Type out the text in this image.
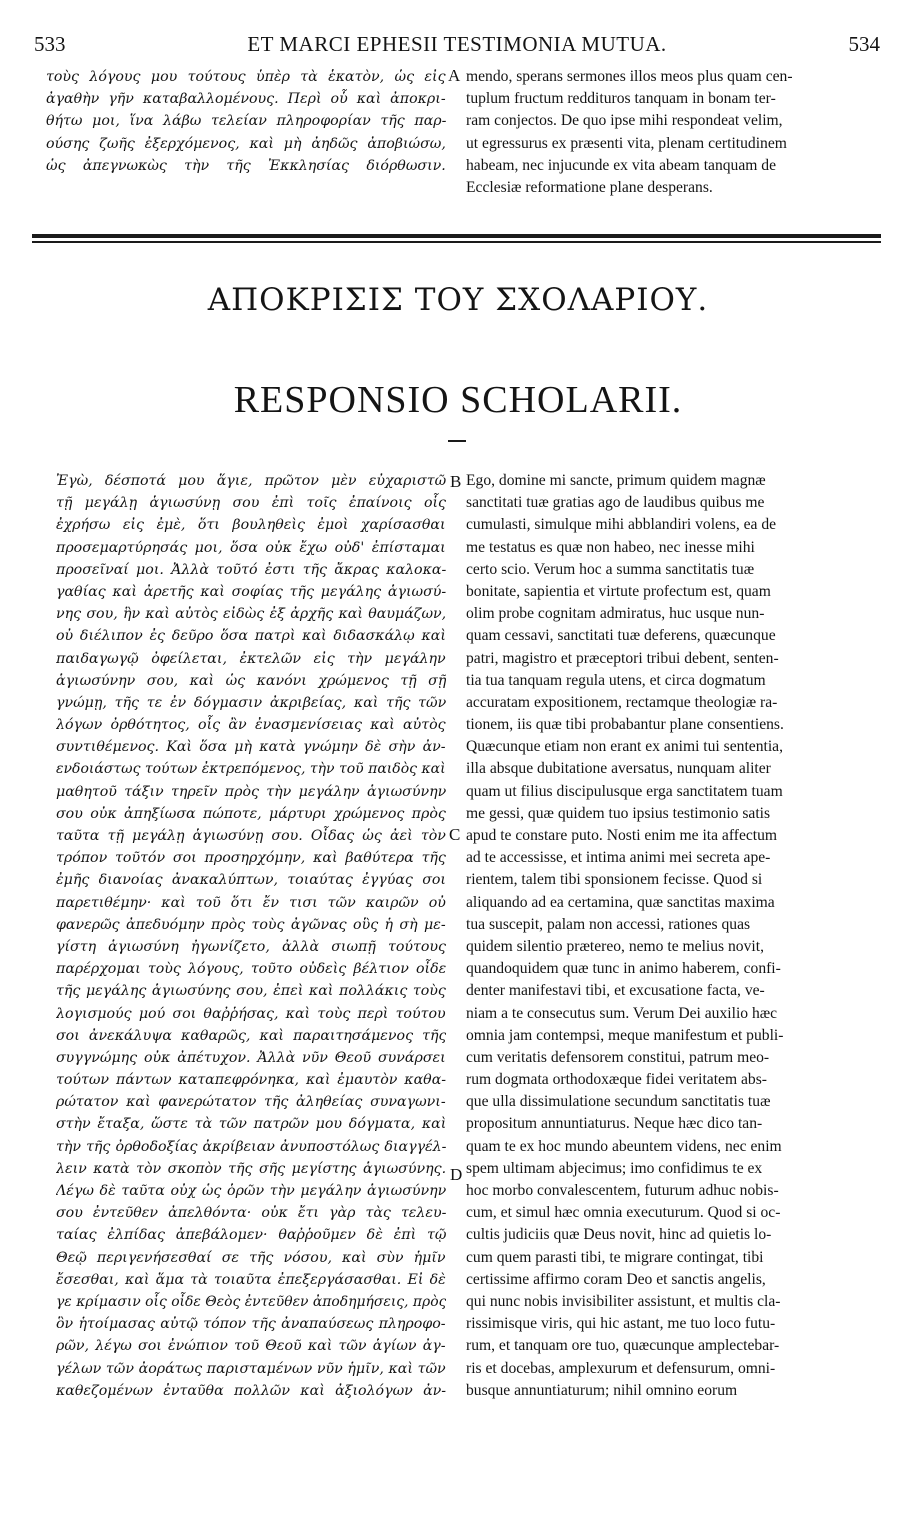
533	ET MARCI EPHESII TESTIMONIA MUTUA.	534
τοὺς λόγους μου τούτους ὑπὲρ τὰ ἑκατὸν, ὡς εἰς
ἀγαθὴν γῆν καταβαλλομένους. Περὶ οὗ καὶ ἀποκρι-
θήτω μοι, ἵνα λάβω τελείαν πληροφορίαν τῆς παρ-
ούσης ζωῆς ἐξερχόμενος, καὶ μὴ ἀηδῶς ἀποβιώσω,
ὡς ἀπεγνωκὼς τὴν τῆς Ἐκκλησίας διόρθωσιν.
mendo, sperans sermones illos meos plus quam cen-
tuplum fructum reddituros tanquam in bonam ter-
ram conjectos. De quo ipse mihi respondeat velim,
ut egressurus ex præsenti vita, plenam certitudinem
habeam, nec injucunde ex vita abeam tanquam de
Ecclesiæ reformatione plane desperans.
A
ΑΠΟΚΡΙΣΙΣ ΤΟΥ ΣΧΟΛΑΡΙΟΥ.
RESPONSIO SCHOLARII.
Ἐγὼ, δέσποτά μου ἅγιε, πρῶτον μὲν εὐχαριστῶ
τῇ μεγάλῃ ἁγιωσύνῃ σου ἐπὶ τοῖς ἐπαίνοις οἷς
ἐχρήσω εἰς ἐμὲ, ὅτι βουληθεὶς ἐμοὶ χαρίσασθαι
προσεμαρτύρησάς μοι, ὅσα οὐκ ἔχω οὐδ' ἐπίσταμαι
προσεῖναί μοι. Ἀλλὰ τοῦτό ἐστι τῆς ἄκρας καλοκα-
γαθίας καὶ ἀρετῆς καὶ σοφίας τῆς μεγάλης ἁγιωσύ-
νης σου, ἣν καὶ αὐτὸς εἰδὼς ἐξ ἀρχῆς καὶ θαυμάζων,
οὐ διέλιπον ἐς δεῦρο ὅσα πατρὶ καὶ διδασκάλῳ καὶ
παιδαγωγῷ ὀφείλεται, ἐκτελῶν εἰς τὴν μεγάλην
ἁγιωσύνην σου, καὶ ὡς κανόνι χρώμενος τῇ σῇ
γνώμῃ, τῆς τε ἐν δόγμασιν ἀκριβείας, καὶ τῆς τῶν
λόγων ὀρθότητος, οἷς ἂν ἐνασμενίσειας καὶ αὐτὸς
συντιθέμενος. Καὶ ὅσα μὴ κατὰ γνώμην δὲ σὴν ἀν-
ενδοιάστως τούτων ἐκτρεπόμενος, τὴν τοῦ παιδὸς καὶ
μαθητοῦ τάξιν τηρεῖν πρὸς τὴν μεγάλην ἁγιωσύνην
σου οὐκ ἀπηξίωσα πώποτε, μάρτυρι χρώμενος πρὸς
ταῦτα τῇ μεγάλῃ ἁγιωσύνῃ σου. Οἶδας ὡς ἀεὶ τὸν
τρόπον τοῦτόν σοι προσηρχόμην, καὶ βαθύτερα τῆς
ἐμῆς διανοίας ἀνακαλύπτων, τοιαύτας ἐγγύας σοι
παρετιθέμην· καὶ τοῦ ὅτι ἔν τισι τῶν καιρῶν οὐ
φανερῶς ἀπεδυόμην πρὸς τοὺς ἀγῶνας οὓς ἡ σὴ με-
γίστη ἁγιωσύνη ἠγωνίζετο, ἀλλὰ σιωπῇ τούτους
παρέρχομαι τοὺς λόγους, τοῦτο οὐδεὶς βέλτιον οἶδε
τῆς μεγάλης ἁγιωσύνης σου, ἐπεὶ καὶ πολλάκις τοὺς
λογισμούς μού σοι θαῤῥήσας, καὶ τοὺς περὶ τούτου
σοι ἀνεκάλυψα καθαρῶς, καὶ παραιτησάμενος τῆς
συγγνώμης οὐκ ἀπέτυχον. Ἀλλὰ νῦν Θεοῦ συνάρσει
τούτων πάντων καταπεφρόνηκα, καὶ ἐμαυτὸν καθα-
ρώτατον καὶ φανερώτατον τῆς ἀληθείας συναγωνι-
στὴν ἔταξα, ὥστε τὰ τῶν πατρῶν μου δόγματα, καὶ
τὴν τῆς ὀρθοδοξίας ἀκρίβειαν ἀνυποστόλως διαγγέλ-
λειν κατὰ τὸν σκοπὸν τῆς σῆς μεγίστης ἁγιωσύνης.
Λέγω δὲ ταῦτα οὐχ ὡς ὁρῶν τὴν μεγάλην ἁγιωσύνην
σου ἐντεῦθεν ἀπελθόντα· οὐκ ἔτι γὰρ τὰς τελευ-
ταίας ἐλπίδας ἀπεβάλομεν· θαῤῥοῦμεν δὲ ἐπὶ τῷ
Θεῷ περιγενήσεσθαί σε τῆς νόσου, καὶ σὺν ἡμῖν
ἔσεσθαι, καὶ ἅμα τὰ τοιαῦτα ἐπεξεργάσασθαι. Εἰ δὲ
γε κρίμασιν οἷς οἶδε Θεὸς ἐντεῦθεν ἀποδημήσεις, πρὸς
ὃν ἡτοίμασας αὐτῷ τόπον τῆς ἀναπαύσεως πληροφο-
ρῶν, λέγω σοι ἐνώπιον τοῦ Θεοῦ καὶ τῶν ἁγίων ἀγ-
γέλων τῶν ἀοράτως παρισταμένων νῦν ἡμῖν, καὶ τῶν
καθεζομένων ἐνταῦθα πολλῶν καὶ ἀξιολόγων ἀν-
Ego, domine mi sancte, primum quidem magnæ
sanctitati tuæ gratias ago de laudibus quibus me
cumulasti, simulque mihi abblandiri volens, ea de
me testatus es quæ non habeo, nec inesse mihi
certo scio. Verum hoc a summa sanctitatis tuæ
bonitate, sapientia et virtute profectum est, quam
olim probe cognitam admiratus, huc usque nun-
quam cessavi, sanctitati tuæ deferens, quæcunque
patri, magistro et præceptori tribui debent, senten-
tia tua tanquam regula utens, et circa dogmatum
accuratam expositionem, rectamque theologiæ ra-
tionem, iis quæ tibi probabantur plane consentiens.
Quæcunque etiam non erant ex animi tui sententia,
illa absque dubitatione aversatus, nunquam aliter
quam ut filius discipulusque erga sanctitatem tuam
me gessi, quæ quidem tuo ipsius testimonio satis
apud te constare puto. Nosti enim me ita affectum
ad te accessisse, et intima animi mei secreta ape-
rientem, talem tibi sponsionem fecisse. Quod si
aliquando ad ea certamina, quæ sanctitas maxima
tua suscepit, palam non accessi, rationes quas
quidem silentio prætereo, nemo te melius novit,
quandoquidem quæ tunc in animo haberem, confi-
denter manifestavi tibi, et excusatione facta, ve-
niam a te consecutus sum. Verum Dei auxilio hæc
omnia jam contempsi, meque manifestum et publi-
cum veritatis defensorem constitui, patrum meo-
rum dogmata orthodoxæque fidei veritatem abs-
que ulla dissimulatione secundum sanctitatis tuæ
propositum annuntiaturus. Neque hæc dico tan-
quam te ex hoc mundo abeuntem videns, nec enim
spem ultimam abjecimus; imo confidimus te ex
hoc morbo convalescentem, futurum adhuc nobis-
cum, et simul hæc omnia executurum. Quod si oc-
cultis judiciis quæ Deus novit, hinc ad quietis lo-
cum quem parasti tibi, te migrare contingat, tibi
certissime affirmo coram Deo et sanctis angelis,
qui nunc nobis invisibiliter assistunt, et multis cla-
rissimisque viris, qui hic astant, me tuo loco futu-
rum, et tanquam ore tuo, quæcunque amplectebar-
ris et docebas, amplexurum et defensurum, omni-
busque annuntiaturum; nihil omnino eorum
B
C
D
